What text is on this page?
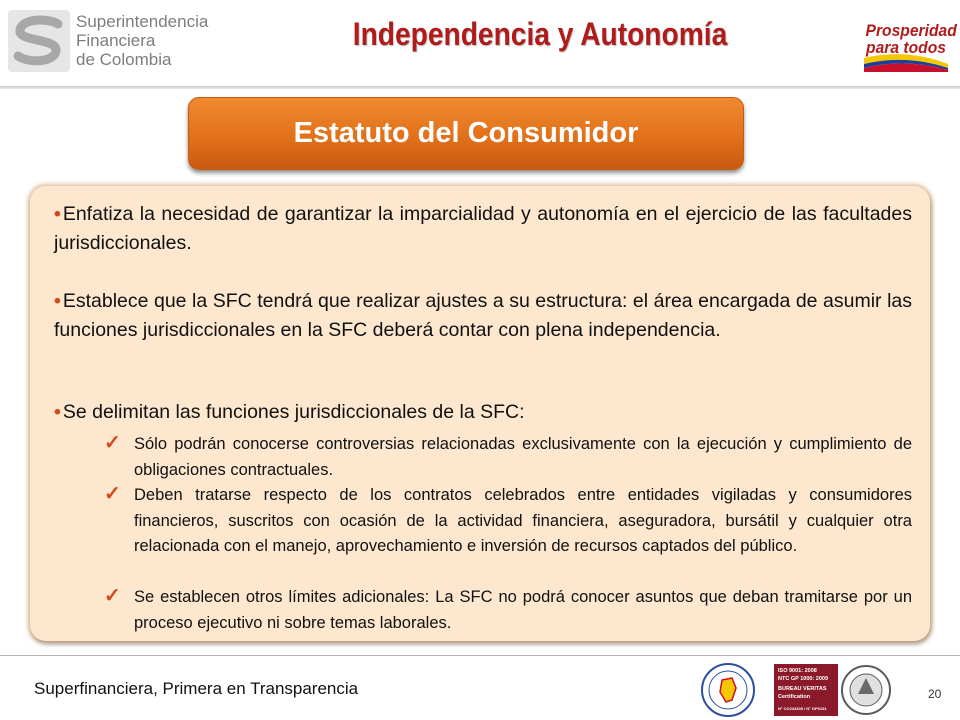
Superintendencia
Financiera
de Colombia
Independencia y Autonomía	Prosperidad
para todos
Estatuto del Consumidor
• Enfatiza la necesidad de garantizar la imparcialidad y autonomía en el ejercicio de las facultades jurisdiccionales.
• Establece que la SFC tendrá que realizar ajustes a su estructura: el área encargada de asumir las funciones jurisdiccionales en la SFC deberá contar con plena independencia.
• Se delimitan las funciones jurisdiccionales de la SFC:
✓ Sólo podrán conocerse controversias relacionadas exclusivamente con la ejecución y cumplimiento de obligaciones contractuales.
✓ Deben tratarse respecto de los contratos celebrados entre entidades vigiladas y consumidores financieros, suscritos con ocasión de la actividad financiera, aseguradora, bursátil y cualquier otra relacionada con el manejo, aprovechamiento e inversión de recursos captados del público.
✓ Se establecen otros límites adicionales: La SFC no podrá conocer asuntos que deban tramitarse por un proceso ejecutivo ni sobre temas laborales.
Superfinanciera, Primera en Transparencia
ISO 9001: 2008
NTC GP 1000: 2009
BUREAU VERITAS
Certification
N° CO234339 / N° GP0151
20
